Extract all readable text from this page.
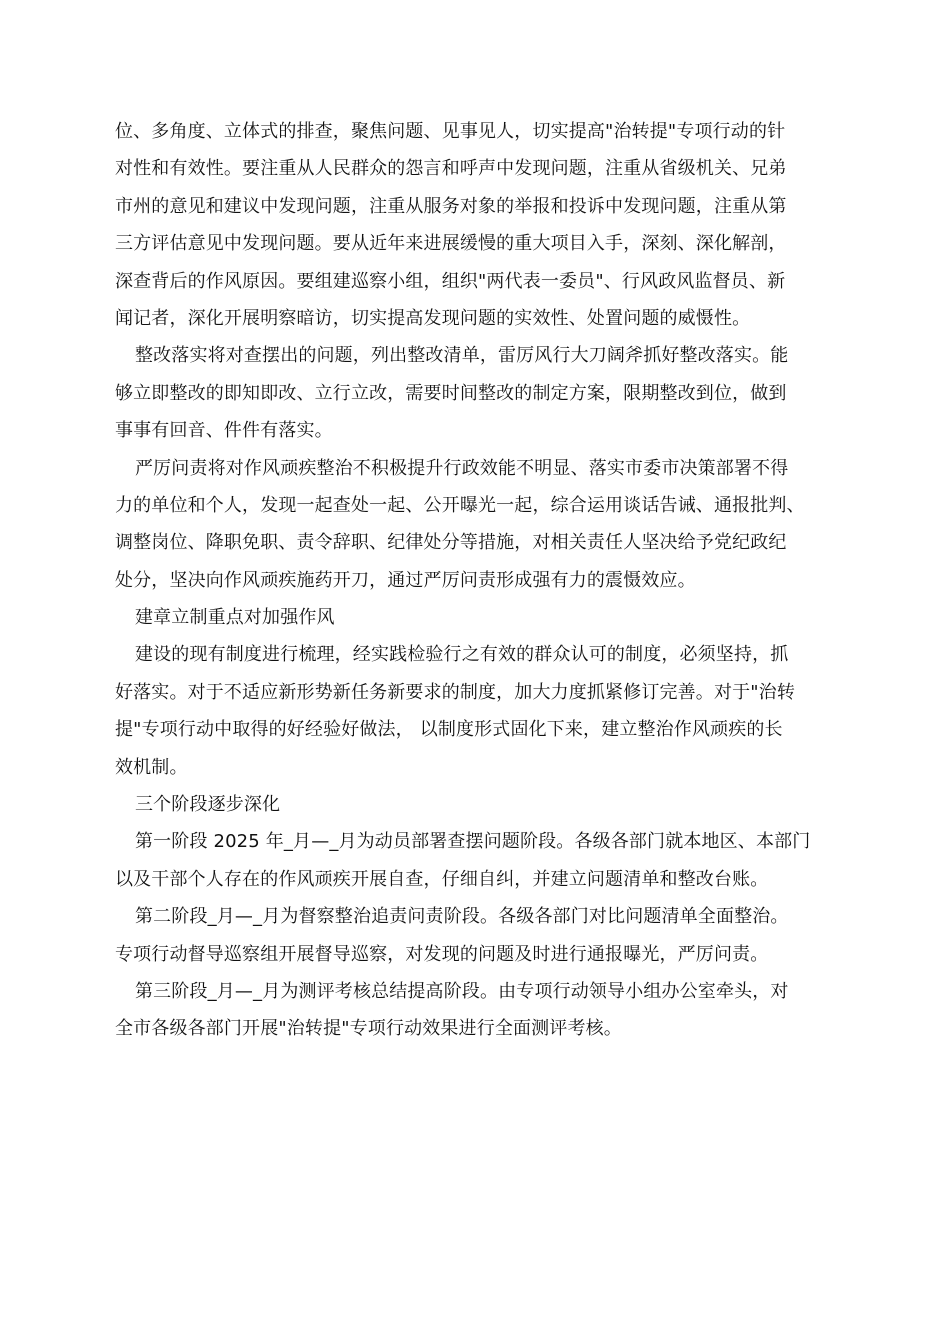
位、多角度、立体式的排查，聚焦问题、见事见人，切实提高"治转提"专项行动的针
对性和有效性。要注重从人民群众的怨言和呼声中发现问题，注重从省级机关、兄弟
市州的意见和建议中发现问题，注重从服务对象的举报和投诉中发现问题，注重从第
三方评估意见中发现问题。要从近年来进展缓慢的重大项目入手，深刻、深化解剖，
深查背后的作风原因。要组建巡察小组，组织"两代表一委员"、行风政风监督员、新
闻记者，深化开展明察暗访，切实提高发现问题的实效性、处置问题的威慑性。
整改落实将对查摆出的问题，列出整改清单，雷厉风行大刀阔斧抓好整改落实。能
够立即整改的即知即改、立行立改，需要时间整改的制定方案，限期整改到位，做到
事事有回音、件件有落实。
严厉问责将对作风顽疾整治不积极提升行政效能不明显、落实市委市决策部署不得
力的单位和个人，发现一起查处一起、公开曝光一起，综合运用谈话告诫、通报批判、
调整岗位、降职免职、责令辞职、纪律处分等措施，对相关责任人坚决给予党纪政纪
处分，坚决向作风顽疾施药开刀，通过严厉问责形成强有力的震慑效应。
建章立制重点对加强作风
建设的现有制度进行梳理，经实践检验行之有效的群众认可的制度，必须坚持，抓
好落实。对于不适应新形势新任务新要求的制度，加大力度抓紧修订完善。对于"治转
提"专项行动中取得的好经验好做法， 以制度形式固化下来，建立整治作风顽疾的长
效机制。
三个阶段逐步深化
第一阶段 2025 年_月—_月为动员部署查摆问题阶段。各级各部门就本地区、本部门
以及干部个人存在的作风顽疾开展自查，仔细自纠，并建立问题清单和整改台账。
第二阶段_月—_月为督察整治追责问责阶段。各级各部门对比问题清单全面整治。
专项行动督导巡察组开展督导巡察，对发现的问题及时进行通报曝光，严厉问责。
第三阶段_月—_月为测评考核总结提高阶段。由专项行动领导小组办公室牵头，对
全市各级各部门开展"治转提"专项行动效果进行全面测评考核。
